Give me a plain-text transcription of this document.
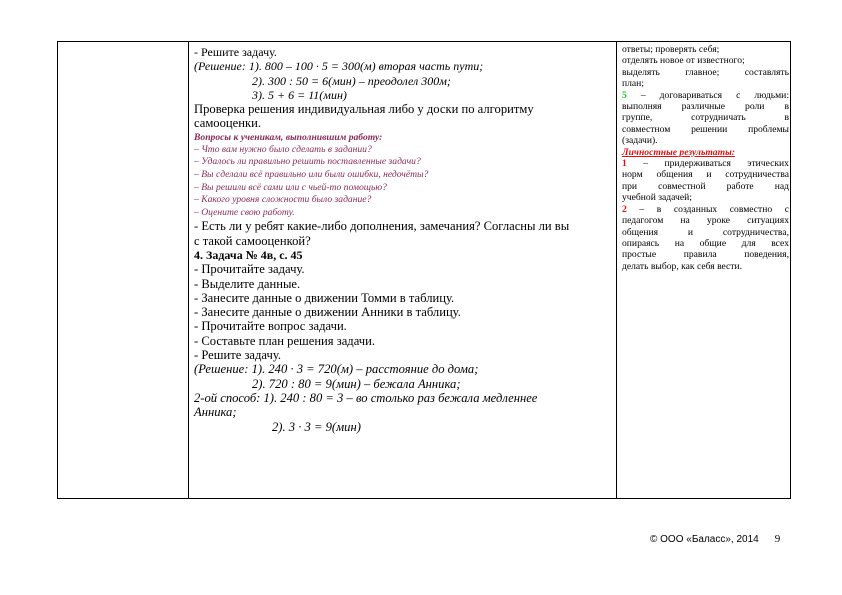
- Решите задачу.
(Решение: 1). 800 – 100 · 5 = 300(м) вторая часть пути;
2). 300 : 50 = 6(мин) – преодолел 300м;
3). 5 + 6 = 11(мин)
Проверка решения индивидуальная либо у доски по алгоритму
самооценки.
Вопросы к ученикам, выполнившим работу:
– Что вам нужно было сделать в задании?
– Удалось ли правильно решить поставленные задачи?
– Вы сделали всё правильно или были ошибки, недочёты?
– Вы решили всё сами или с чьей-то помощью?
– Какого уровня сложности было задание?
– Оцените свою работу.
- Есть ли у ребят какие-либо дополнения, замечания? Согласны ли вы
с такой самооценкой?
4. Задача № 4в, с. 45
- Прочитайте задачу.
- Выделите данные.
- Занесите данные о движении Томми в таблицу.
- Занесите данные о движении Анники в таблицу.
- Прочитайте вопрос задачи.
- Составьте план решения задачи.
- Решите задачу.
(Решение: 1). 240 · 3 = 720(м) – расстояние до дома;
2). 720 : 80 = 9(мин) – бежала Анника;
2-ой способ: 1). 240 : 80 = 3 – во столько раз бежала медленнее
Анника;
2). 3 · 3 = 9(мин)
ответы; проверять себя;
отделять новое от известного;
выделять главное; составлять
план;
5 – договариваться с людьми:
выполняя различные роли в
группе, сотрудничать в
совместном решении проблемы
(задачи).
Личностные результаты:
1 – придерживаться этических
норм общения и сотрудничества
при совместной работе над
учебной задачей;
2 – в созданных совместно с
педагогом на уроке ситуациях
общения и сотрудничества,
опираясь на общие для всех
простые правила поведения,
делать выбор, как себя вести.
© ООО «Баласс», 2014 9
